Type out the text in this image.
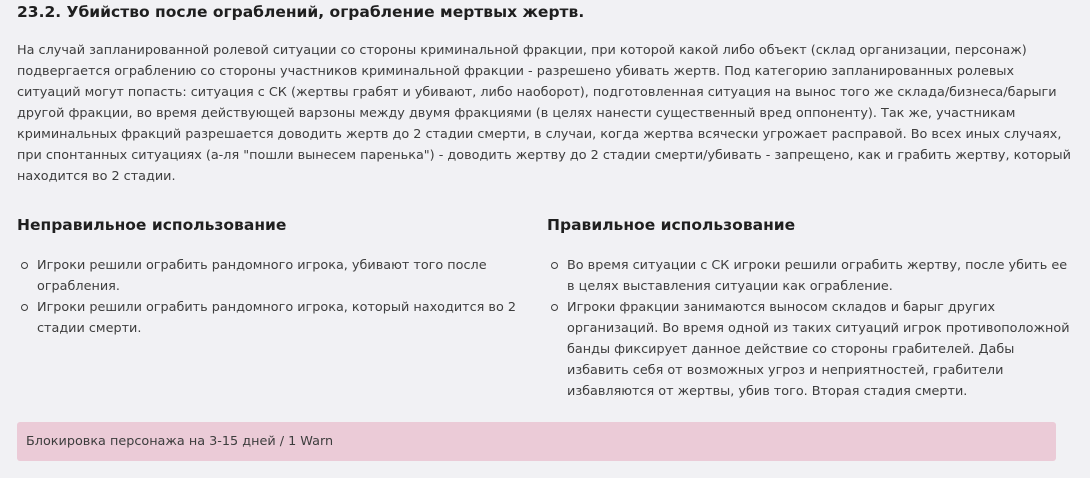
23.2. Убийство после ограблений, ограбление мертвых жертв.

На случай запланированной ролевой ситуации со стороны криминальной фракции, при которой какой либо объект (склад организации, персонаж) подвергается ограблению со стороны участников криминальной фракции - разрешено убивать жертв. Под категорию запланированных ролевых ситуаций могут попасть: ситуация с СК (жертвы грабят и убивают, либо наоборот), подготовленная ситуация на вынос того же склада/бизнеса/барыги другой фракции, во время действующей варзоны между двумя фракциями (в целях нанести существенный вред оппоненту). Так же, участникам криминальных фракций разрешается доводить жертв до 2 стадии смерти, в случаи, когда жертва всячески угрожает расправой. Во всех иных случаях, при спонтанных ситуациях (а-ля "пошли вынесем паренька") - доводить жертву до 2 стадии смерти/убивать - запрещено, как и грабить жертву, который находится во 2 стадии.

Неправильное использование
Игроки решили ограбить рандомного игрока, убивают того после ограбления.
Игроки решили ограбить рандомного игрока, который находится во 2 стадии смерти.
Правильное использование
Во время ситуации с СК игроки решили ограбить жертву, после убить ее в целях выставления ситуации как ограбление.
Игроки фракции занимаются выносом складов и барыг других организаций. Во время одной из таких ситуаций игрок противоположной банды фиксирует данное действие со стороны грабителей. Дабы избавить себя от возможных угроз и неприятностей, грабители избавляются от жертвы, убив того. Вторая стадия смерти.
Блокировка персонажа на 3-15 дней / 1 Warn
